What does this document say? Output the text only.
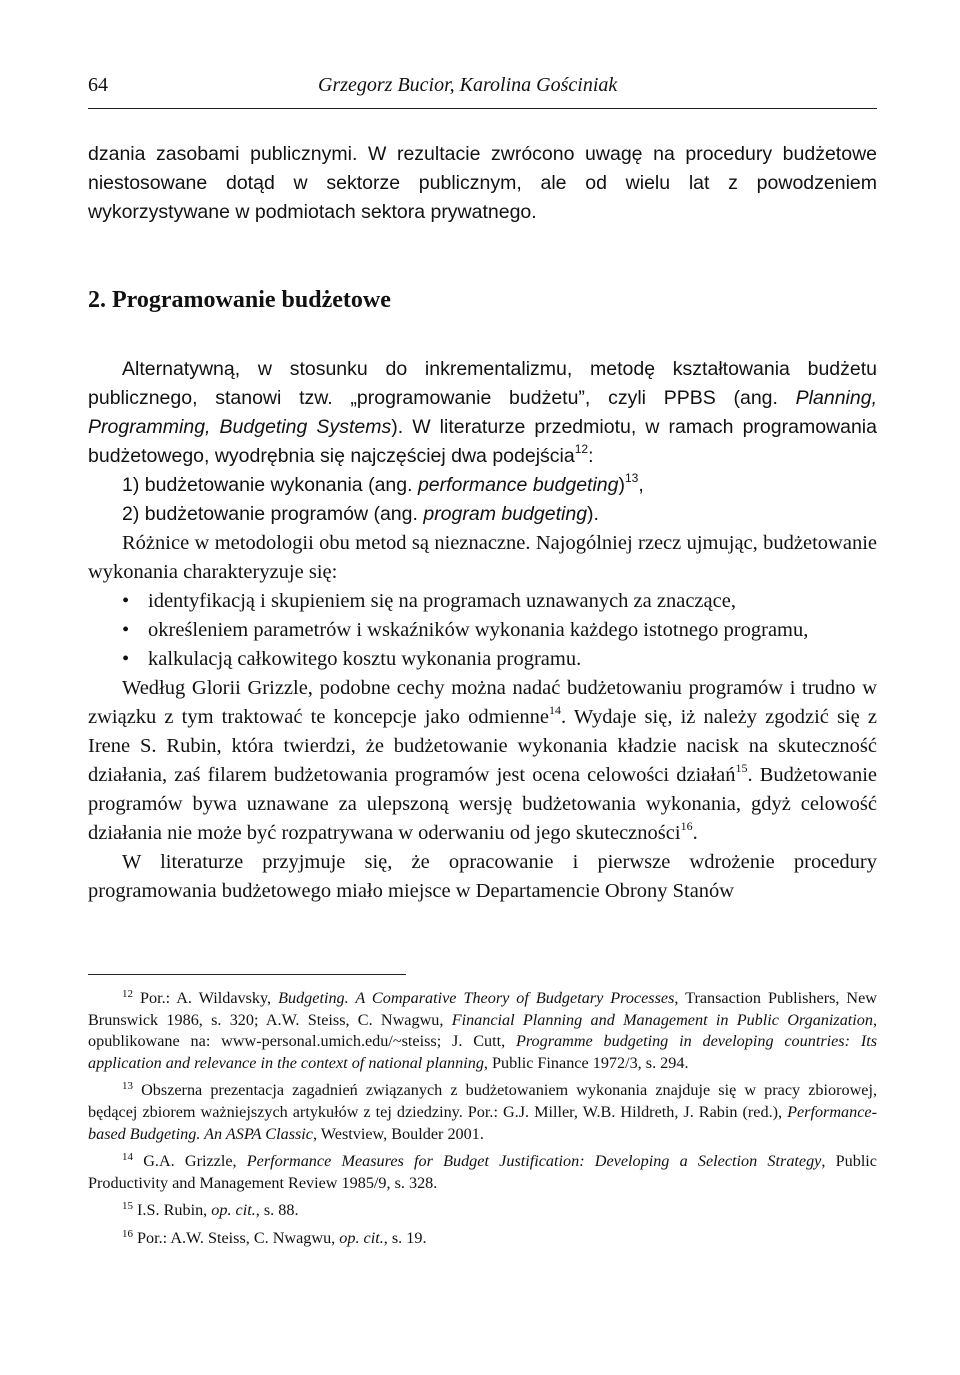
64	Grzegorz Bucior, Karolina Gościniak

dzania zasobami publicznymi. W rezultacie zwrócono uwagę na procedury budżetowe niestosowane dotąd w sektorze publicznym, ale od wielu lat z powodzeniem wykorzystywane w podmiotach sektora prywatnego.

2. Programowanie budżetowe

Alternatywną, w stosunku do inkrementalizmu, metodę kształtowania budżetu publicznego, stanowi tzw. „programowanie budżetu”, czyli PPBS (ang. Planning, Programming, Budgeting Systems). W literaturze przedmiotu, w ramach programowania budżetowego, wyodrębnia się najczęściej dwa podejścia$^{12}$:

1) budżetowanie wykonania (ang. performance budgeting)$^{13}$,

2) budżetowanie programów (ang. program budgeting).

Różnice w metodologii obu metod są nieznaczne. Najogólniej rzecz ujmując, budżetowanie wykonania charakteryzuje się:

• identyfikacją i skupieniem się na programach uznawanych za znaczące,
• określeniem parametrów i wskaźników wykonania każdego istotnego programu,
• kalkulacją całkowitego kosztu wykonania programu.

Według Glorii Grizzle, podobne cechy można nadać budżetowaniu programów i trudno w związku z tym traktować te koncepcje jako odmienne$^{14}$. Wydaje się, iż należy zgodzić się z Irene S. Rubin, która twierdzi, że budżetowanie wykonania kładzie nacisk na skuteczność działania, zaś filarem budżetowania programów jest ocena celowości działań$^{15}$. Budżetowanie programów bywa uznawane za ulepszoną wersję budżetowania wykonania, gdyż celowość działania nie może być rozpatrywana w oderwaniu od jego skuteczności$^{16}$.

W literaturze przyjmuje się, że opracowanie i pierwsze wdrożenie procedury programowania budżetowego miało miejsce w Departamencie Obrony Stanów

$^{12}$ Por.: A. Wildavsky, Budgeting. A Comparative Theory of Budgetary Processes, Transaction Publishers, New Brunswick 1986, s. 320; A.W. Steiss, C. Nwagwu, Financial Planning and Management in Public Organization, opublikowane na: www-personal.umich.edu/~steiss; J. Cutt, Programme budgeting in developing countries: Its application and relevance in the context of national planning, Public Finance 1972/3, s. 294.

$^{13}$ Obszerna prezentacja zagadnień związanych z budżetowaniem wykonania znajduje się w pracy zbiorowej, będącej zbiorem ważniejszych artykułów z tej dziedziny. Por.: G.J. Miller, W.B. Hildreth, J. Rabin (red.), Performance-based Budgeting. An ASPA Classic, Westview, Boulder 2001.

$^{14}$ G.A. Grizzle, Performance Measures for Budget Justification: Developing a Selection Strategy, Public Productivity and Management Review 1985/9, s. 328.

$^{15}$ I.S. Rubin, op. cit., s. 88.

$^{16}$ Por.: A.W. Steiss, C. Nwagwu, op. cit., s. 19.
